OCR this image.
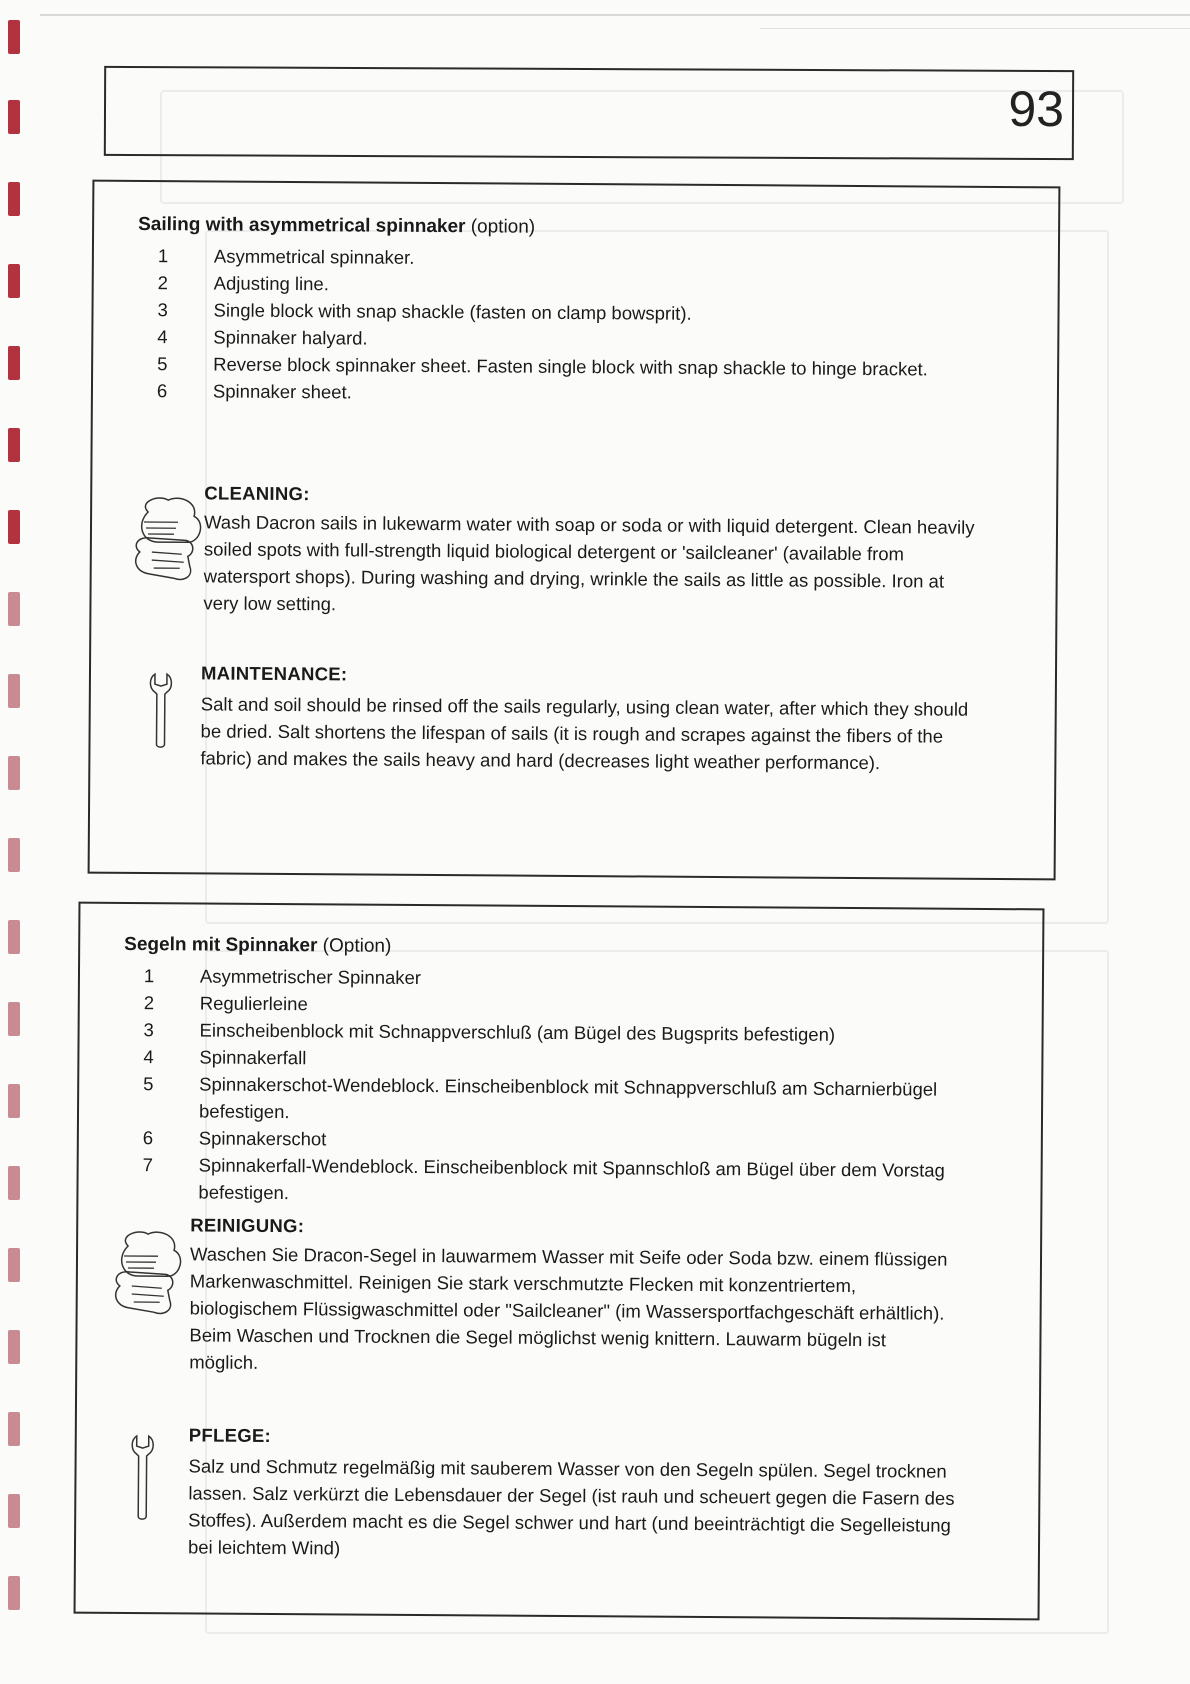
93
Sailing with asymmetrical spinnaker (option)
1	Asymmetrical spinnaker.
2	Adjusting line.
3	Single block with snap shackle (fasten on clamp bowsprit).
4	Spinnaker halyard.
5	Reverse block spinnaker sheet. Fasten single block with snap shackle to hinge bracket.
6	Spinnaker sheet.
CLEANING:
Wash Dacron sails in lukewarm water with soap or soda or with liquid detergent. Clean heavily soiled spots with full-strength liquid biological detergent or 'sailcleaner' (available from watersport shops). During washing and drying, wrinkle the sails as little as possible. Iron at very low setting.
MAINTENANCE:
Salt and soil should be rinsed off the sails regularly, using clean water, after which they should be dried. Salt shortens the lifespan of sails (it is rough and scrapes against the fibers of the fabric) and makes the sails heavy and hard (decreases light weather performance).
Segeln mit Spinnaker (Option)
1	Asymmetrischer Spinnaker
2	Regulierleine
3	Einscheibenblock mit Schnappverschluß (am Bügel des Bugsprits befestigen)
4	Spinnakerfall
5	Spinnakerschot-Wendeblock. Einscheibenblock mit Schnappverschluß am Scharnierbügel befestigen.
6	Spinnakerschot
7	Spinnakerfall-Wendeblock. Einscheibenblock mit Spannschloß am Bügel über dem Vorstag befestigen.
REINIGUNG:
Waschen Sie Dracon-Segel in lauwarmem Wasser mit Seife oder Soda bzw. einem flüssigen Markenwaschmittel. Reinigen Sie stark verschmutzte Flecken mit konzentriertem, biologischem Flüssigwaschmittel oder "Sailcleaner" (im Wassersportfachgeschäft erhältlich). Beim Waschen und Trocknen die Segel möglichst wenig knittern. Lauwarm bügeln ist möglich.
PFLEGE:
Salz und Schmutz regelmäßig mit sauberem Wasser von den Segeln spülen. Segel trocknen lassen. Salz verkürzt die Lebensdauer der Segel (ist rauh und scheuert gegen die Fasern des Stoffes). Außerdem macht es die Segel schwer und hart (und beeinträchtigt die Segelleistung bei leichtem Wind)
